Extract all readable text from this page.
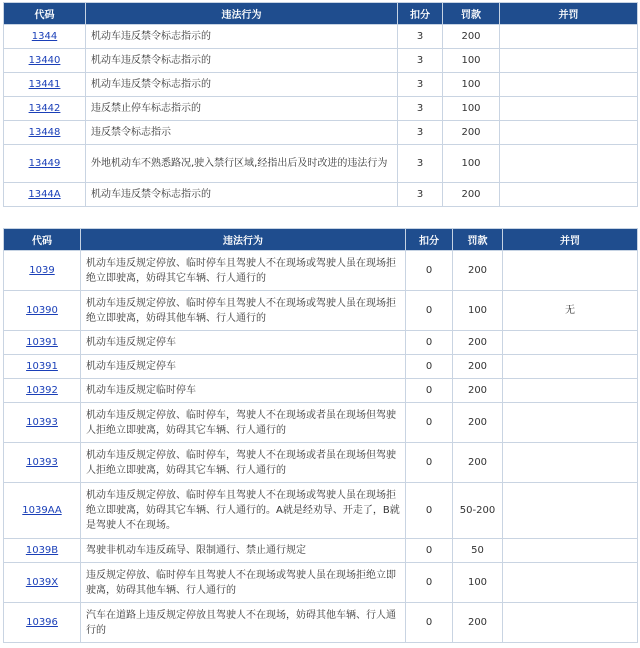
代码	违法行为	扣分	罚款	并罚
1344	机动车违反禁令标志指示的	3	200	
13440	机动车违反禁令标志指示的	3	100	
13441	机动车违反禁令标志指示的	3	100	
13442	违反禁止停车标志指示的	3	100	
13448	违反禁令标志指示	3	200	
13449	外地机动车不熟悉路况,驶入禁行区域,经指出后及时改进的违法行为	3	100	
1344A	机动车违反禁令标志指示的	3	200	
代码	违法行为	扣分	罚款	并罚
1039	机动车违反规定停放、临时停车且驾驶人不在现场或驾驶人虽在现场拒绝立即驶离，妨碍其它车辆、行人通行的	0	200	
10390	机动车违反规定停放、临时停车且驾驶人不在现场或驾驶人虽在现场拒绝立即驶离，妨碍其他车辆、行人通行的	0	100	无
10391	机动车违反规定停车	0	200	
10391	机动车违反规定停车	0	200	
10392	机动车违反规定临时停车	0	200	
10393	机动车违反规定停放、临时停车，驾驶人不在现场或者虽在现场但驾驶人拒绝立即驶离，妨碍其它车辆、行人通行的	0	200	
10393	机动车违反规定停放、临时停车，驾驶人不在现场或者虽在现场但驾驶人拒绝立即驶离，妨碍其它车辆、行人通行的	0	200	
1039AA	机动车违反规定停放、临时停车且驾驶人不在现场或驾驶人虽在现场拒绝立即驶离，妨碍其它车辆、行人通行的。A就是经劝导、开走了，B就是驾驶人不在现场。	0	50-200	
1039B	驾驶非机动车违反疏导、限制通行、禁止通行规定	0	50	
1039X	违反规定停放、临时停车且驾驶人不在现场或驾驶人虽在现场拒绝立即驶离，妨碍其他车辆、行人通行的	0	100	
10396	汽车在道路上违反规定停放且驾驶人不在现场，妨碍其他车辆、行人通行的	0	200	
